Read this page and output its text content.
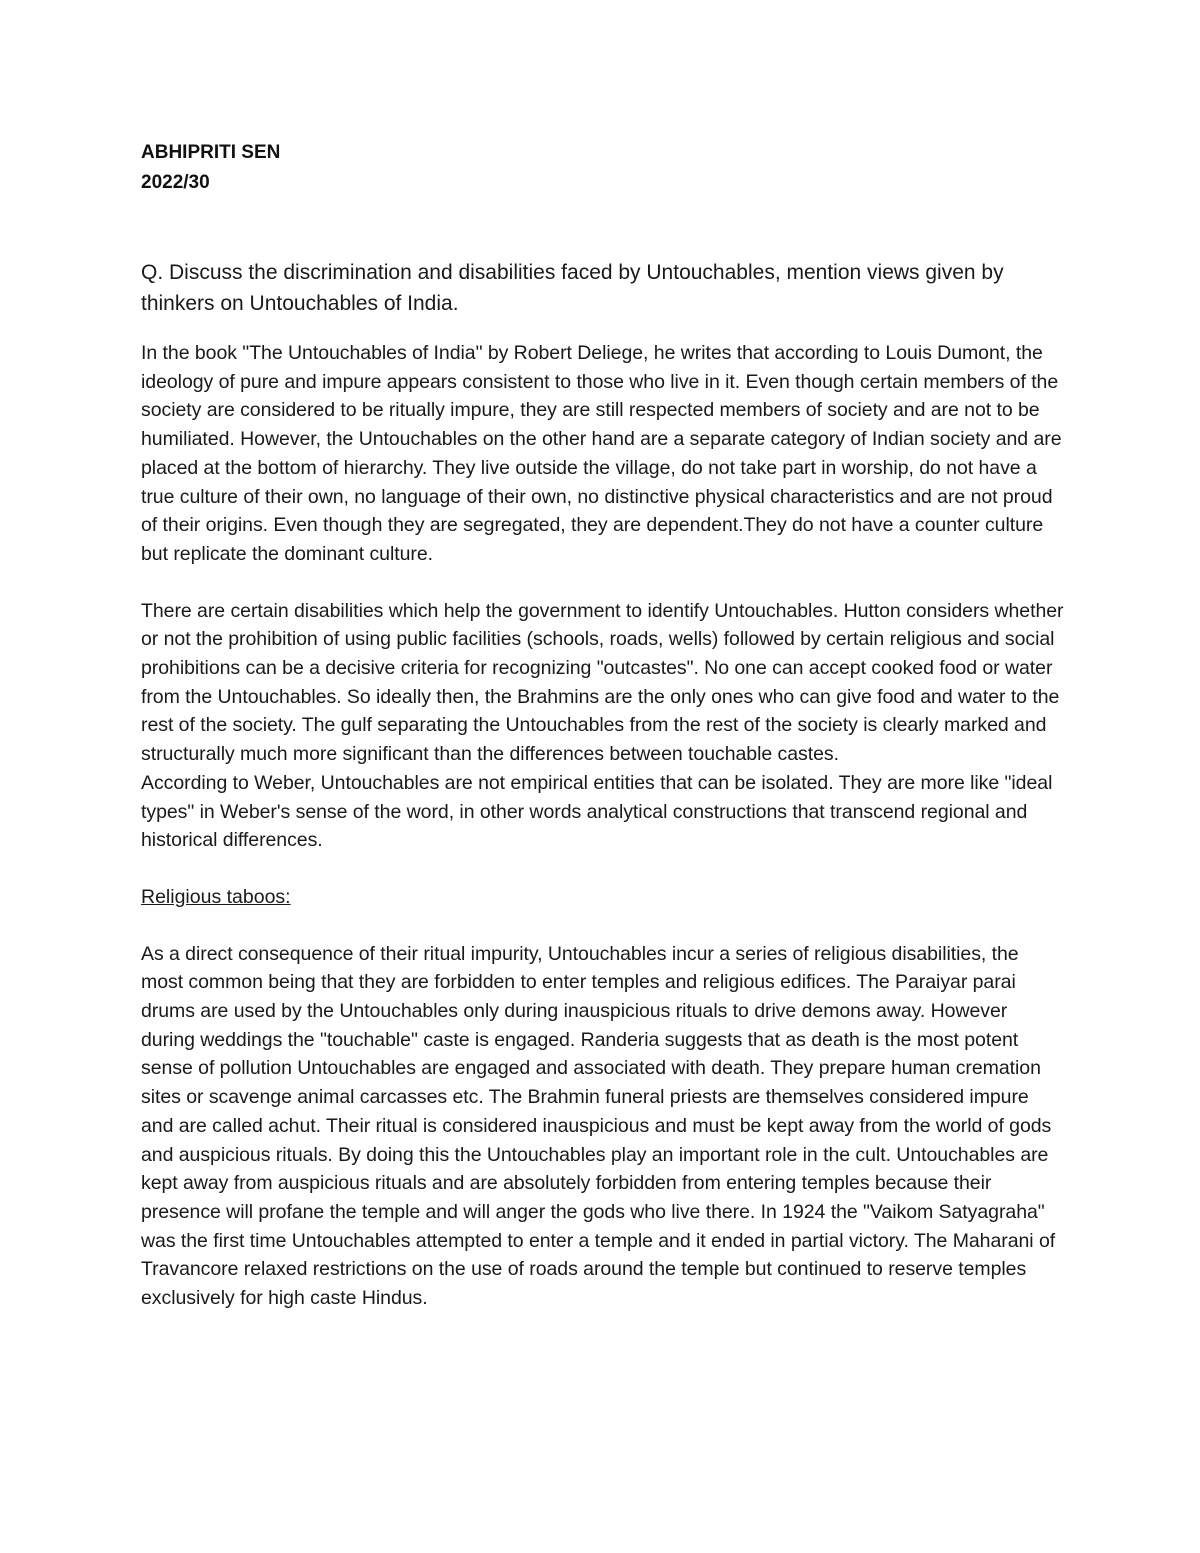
ABHIPRITI SEN

2022/30

Q. Discuss the discrimination and disabilities faced by Untouchables, mention views given by thinkers on Untouchables of India.

In the book "The Untouchables of India" by Robert Deliege, he writes that according to Louis Dumont, the ideology of pure and impure appears consistent to those who live in it. Even though certain members of the society are considered to be ritually impure, they are still respected members of society and are not to be humiliated. However, the Untouchables on the other hand are a separate category of Indian society and are placed at the bottom of hierarchy. They live outside the village, do not take part in worship, do not have a true culture of their own, no language of their own, no distinctive physical characteristics and are not proud of their origins. Even though they are segregated, they are dependent.They do not have a counter culture but replicate the dominant culture.

There are certain disabilities which help the government to identify Untouchables. Hutton considers whether or not the prohibition of using public facilities (schools, roads, wells) followed by certain religious and social prohibitions can be a decisive criteria for recognizing "outcastes". No one can accept cooked food or water from the Untouchables. So ideally then, the Brahmins are the only ones who can give food and water to the rest of the society. The gulf separating the Untouchables from the rest of the society is clearly marked and structurally much more significant than the differences between touchable castes.

According to Weber, Untouchables are not empirical entities that can be isolated. They are more like "ideal types" in Weber's sense of the word, in other words analytical constructions that transcend regional and historical differences.

Religious taboos:

As a direct consequence of their ritual impurity, Untouchables incur a series of religious disabilities, the most common being that they are forbidden to enter temples and religious edifices. The Paraiyar parai drums are used by the Untouchables only during inauspicious rituals to drive demons away. However during weddings the "touchable" caste is engaged. Randeria suggests that as death is the most potent sense of pollution Untouchables are engaged and associated with death. They prepare human cremation sites or scavenge animal carcasses etc. The Brahmin funeral priests are themselves considered impure and are called achut. Their ritual is considered inauspicious and must be kept away from the world of gods and auspicious rituals. By doing this the Untouchables play an important role in the cult. Untouchables are kept away from auspicious rituals and are absolutely forbidden from entering temples because their presence will profane the temple and will anger the gods who live there. In 1924 the "Vaikom Satyagraha" was the first time Untouchables attempted to enter a temple and it ended in partial victory. The Maharani of Travancore relaxed restrictions on the use of roads around the temple but continued to reserve temples exclusively for high caste Hindus.
